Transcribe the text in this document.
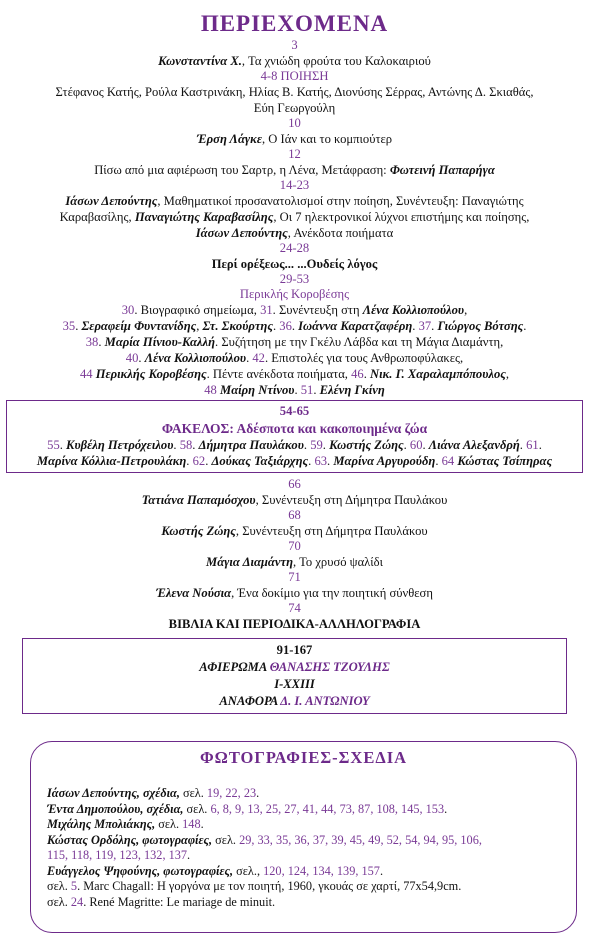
ΠΕΡΙΕΧΟΜΕΝΑ
3
Κωνσταντίνα Χ., Τα χνιώδη φρούτα του Καλοκαιριού
4-8 ΠΟΙΗΣΗ
Στέφανος Κατής, Ρούλα Καστρινάκη, Ηλίας Β. Κατής, Διονύσης Σέρρας, Αντώνης Δ. Σκιαθάς,
Εύη Γεωργούλη
10
Έρση Λάγκε, Ο Ιάν και το κομπιούτερ
12
Πίσω από μια αφιέρωση του Σαρτρ, η Λένα, Μετάφραση: Φωτεινή Παπαρήγα
14-23
Ιάσων Δεπούντης, Μαθηματικοί προσανατολισμοί στην ποίηση, Συνέντευξη: Παναγιώτης
Καραβασίλης, Παναγιώτης Καραβασίλης, Οι 7 ηλεκτρονικοί λύχνοι επιστήμης και ποίησης,
Ιάσων Δεπούντης, Ανέκδοτα ποιήματα
24-28
Περί ορέξεως... ...Ουδείς λόγος
29-53
Περικλής Κοροβέσης
30. Βιογραφικό σημείωμα, 31. Συνέντευξη στη Λένα Κολλιοπούλου,
35. Σεραφείμ Φυντανίδης, Στ. Σκούρτης. 36. Ιωάννα Καρατζαφέρη. 37. Γιώργος Βότσης.
38. Μαρία Πίνιου-Καλλή. Συζήτηση με την Γκέλυ Λάβδα και τη Μάγια Διαμάντη,
40. Λένα Κολλιοπούλου. 42. Επιστολές για τους Ανθρωποφύλακες,
44 Περικλής Κοροβέσης. Πέντε ανέκδοτα ποιήματα, 46. Νικ. Γ. Χαραλαμπόπουλος,
48 Μαίρη Ντίνου. 51. Ελένη Γκίνη
54-65
ΦΑΚΕΛΟΣ: Αδέσποτα και κακοποιημένα ζώα
55. Κυβέλη Πετρόχειλου. 58. Δήμητρα Παυλάκου. 59. Κωστής Ζώης. 60. Λιάνα Αλεξανδρή. 61.
Μαρίνα Κόλλια-Πετρουλάκη. 62. Δούκας Ταξιάρχης. 63. Μαρίνα Αργυρούδη. 64 Κώστας Τσίπηρας
66
Τατιάνα Παπαμόσχου, Συνέντευξη στη Δήμητρα Παυλάκου
68
Κωστής Ζώης, Συνέντευξη στη Δήμητρα Παυλάκου
70
Μάγια Διαμάντη, Το χρυσό ψαλίδι
71
Έλενα Νούσια, Ένα δοκίμιο για την ποιητική σύνθεση
74
ΒΙΒΛΙΑ ΚΑΙ ΠΕΡΙΟΔΙΚΑ-ΑΛΛΗΛΟΓΡΑΦΙΑ
91-167
ΑΦΙΕΡΩΜΑ ΘΑΝΑΣΗΣ ΤΖΟΥΛΗΣ
I-XXIII
ΑΝΑΦΟΡΑ Δ. Ι. ΑΝΤΩΝΙΟΥ
ΦΩΤΟΓΡΑΦΙΕΣ-ΣΧΕΔΙΑ
Ιάσων Δεπούντης, σχέδια, σελ. 19, 22, 23.
Έντα Δημοπούλου, σχέδια, σελ. 6, 8, 9, 13, 25, 27, 41, 44, 73, 87, 108, 145, 153.
Μιχάλης Μπολιάκης, σελ. 148.
Κώστας Ορδόλης, φωτογραφίες, σελ. 29, 33, 35, 36, 37, 39, 45, 49, 52, 54, 94, 95, 106,
115, 118, 119, 123, 132, 137.
Ευάγγελος Ψηφούνης, φωτογραφίες, σελ., 120, 124, 134, 139, 157.
σελ. 5. Marc Chagall: Η γοργόνα με τον ποιητή, 1960, γκουάς σε χαρτί, 77x54,9cm.
σελ. 24. René Magritte: Le mariage de minuit.
